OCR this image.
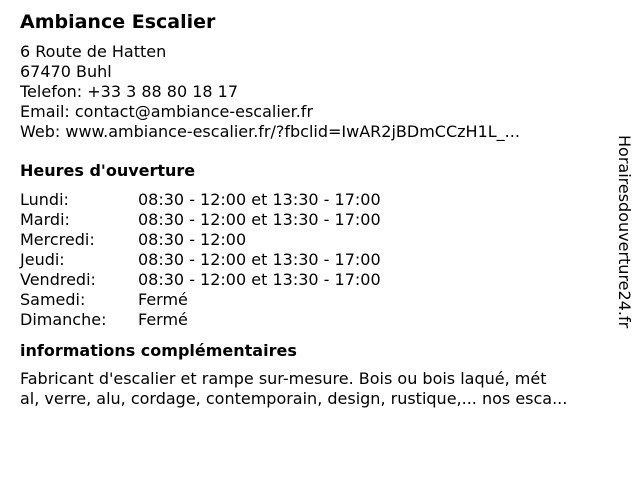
Ambiance Escalier
6 Route de Hatten
67470 Buhl
Telefon: +33 3 88 80 18 17
Email: contact@ambiance-escalier.fr
Web: www.ambiance-escalier.fr/?fbclid=IwAR2jBDmCCzH1L_...
Heures d'ouverture
Lundi:	08:30 - 12:00 et 13:30 - 17:00
Mardi:	08:30 - 12:00 et 13:30 - 17:00
Mercredi:	08:30 - 12:00
Jeudi:	08:30 - 12:00 et 13:30 - 17:00
Vendredi:	08:30 - 12:00 et 13:30 - 17:00
Samedi:	Fermé
Dimanche:	Fermé
informations complémentaires
Fabricant d'escalier et rampe sur-mesure. Bois ou bois laqué, mét
al, verre, alu, cordage, contemporain, design, rustique,... nos esca...
Horairesdouverture24.fr
